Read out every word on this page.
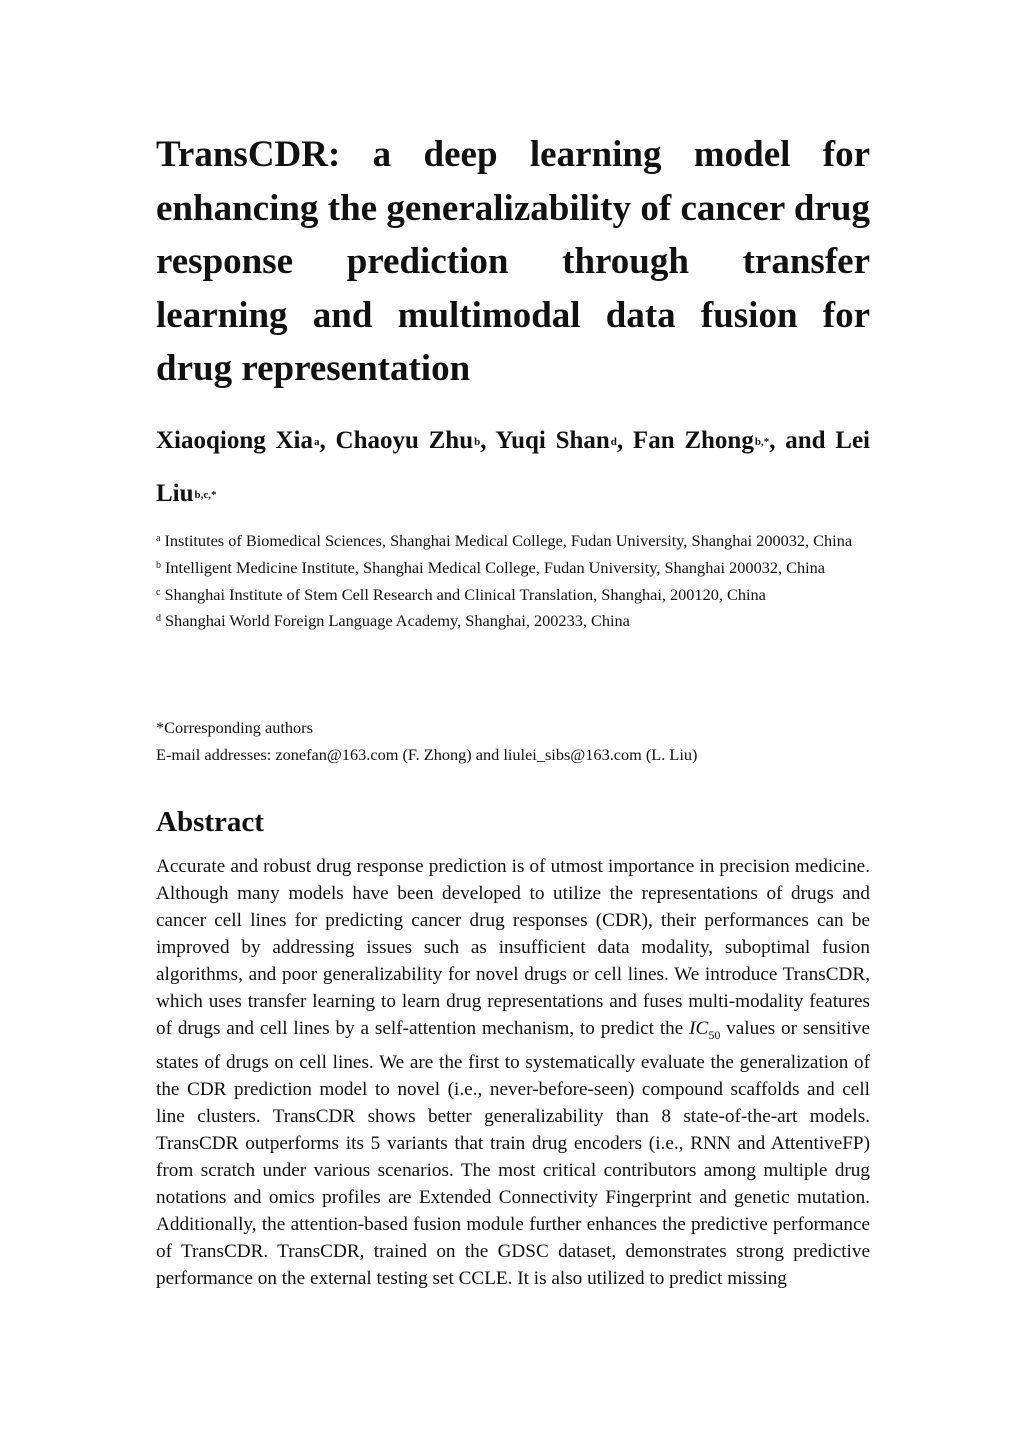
TransCDR: a deep learning model for enhancing the generalizability of cancer drug response prediction through transfer learning and multimodal data fusion for drug representation

Xiaoqiong Xia$^a$, Chaoyu Zhu$^b$, Yuqi Shan$^d$, Fan Zhong$^{b,*}$, and Lei Liu$^{b,c,*}$

$^a$ Institutes of Biomedical Sciences, Shanghai Medical College, Fudan University, Shanghai 200032, China
$^b$ Intelligent Medicine Institute, Shanghai Medical College, Fudan University, Shanghai 200032, China
$^c$ Shanghai Institute of Stem Cell Research and Clinical Translation, Shanghai, 200120, China
$^d$ Shanghai World Foreign Language Academy, Shanghai, 200233, China
*Corresponding authors
E-mail addresses: zonefan@163.com (F. Zhong) and liulei_sibs@163.com (L. Liu)
Abstract

Accurate and robust drug response prediction is of utmost importance in precision medicine. Although many models have been developed to utilize the representations of drugs and cancer cell lines for predicting cancer drug responses (CDR), their performances can be improved by addressing issues such as insufficient data modality, suboptimal fusion algorithms, and poor generalizability for novel drugs or cell lines. We introduce TransCDR, which uses transfer learning to learn drug representations and fuses multi-modality features of drugs and cell lines by a self-attention mechanism, to predict the $IC_{50}$ values or sensitive states of drugs on cell lines. We are the first to systematically evaluate the generalization of the CDR prediction model to novel (i.e., never-before-seen) compound scaffolds and cell line clusters. TransCDR shows better generalizability than 8 state-of-the-art models. TransCDR outperforms its 5 variants that train drug encoders (i.e., RNN and AttentiveFP) from scratch under various scenarios. The most critical contributors among multiple drug notations and omics profiles are Extended Connectivity Fingerprint and genetic mutation. Additionally, the attention-based fusion module further enhances the predictive performance of TransCDR. TransCDR, trained on the GDSC dataset, demonstrates strong predictive performance on the external testing set CCLE. It is also utilized to predict missing
